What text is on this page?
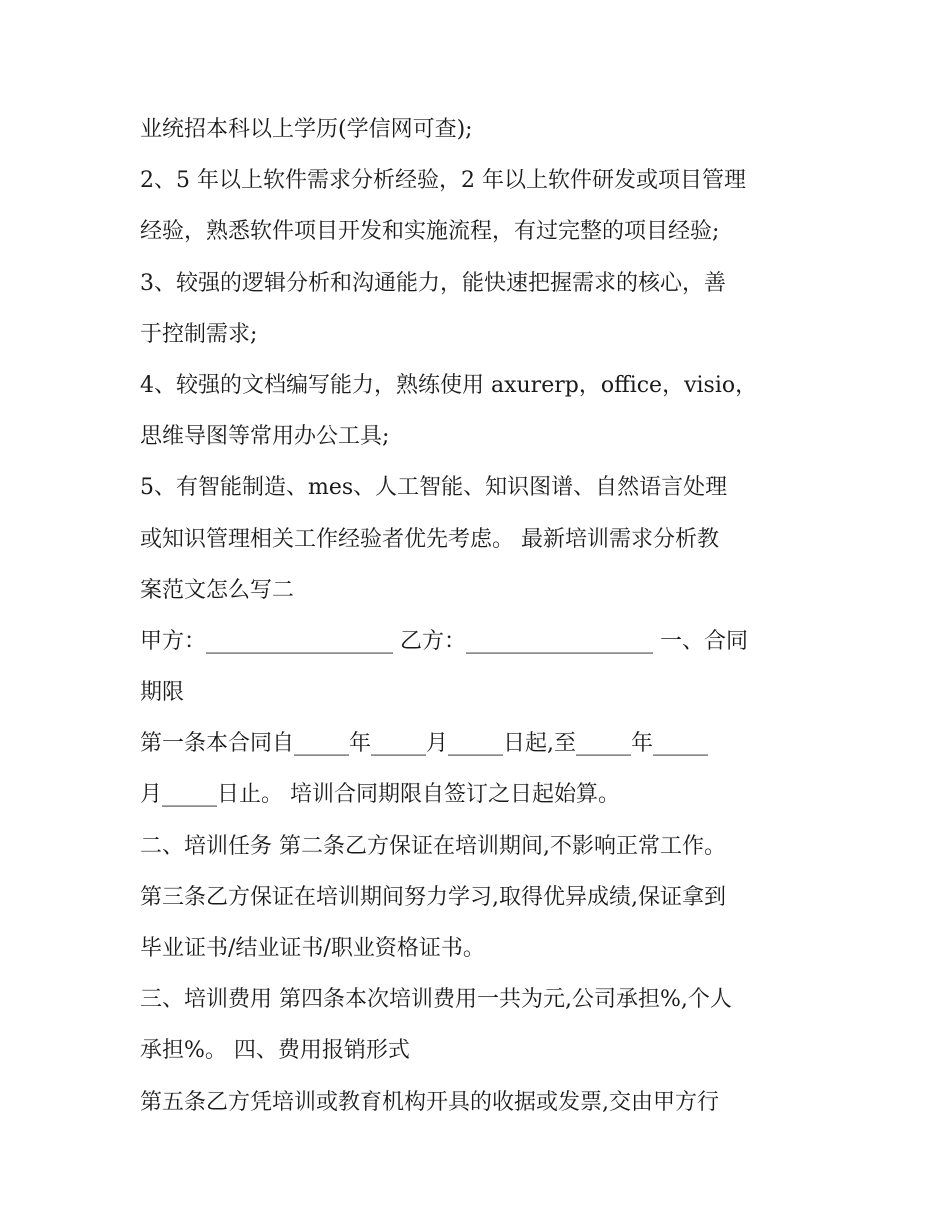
业统招本科以上学历(学信网可查);
2、5 年以上软件需求分析经验，2 年以上软件研发或项目管理
经验，熟悉软件项目开发和实施流程，有过完整的项目经验;
3、较强的逻辑分析和沟通能力，能快速把握需求的核心，善
于控制需求;
4、较强的文档编写能力，熟练使用 axurerp，office，visio，
思维导图等常用办公工具;
5、有智能制造、mes、人工智能、知识图谱、自然语言处理
或知识管理相关工作经验者优先考虑。 最新培训需求分析教
案范文怎么写二
甲方：_________________ 乙方：_________________ 一、合同
期限
第一条本合同自_____年_____月_____日起,至_____年_____
月_____日止。 培训合同期限自签订之日起始算。
二、培训任务 第二条乙方保证在培训期间,不影响正常工作。
第三条乙方保证在培训期间努力学习,取得优异成绩,保证拿到
毕业证书/结业证书/职业资格证书。
三、培训费用 第四条本次培训费用一共为元,公司承担%,个人
承担%。 四、费用报销形式
第五条乙方凭培训或教育机构开具的收据或发票,交由甲方行
